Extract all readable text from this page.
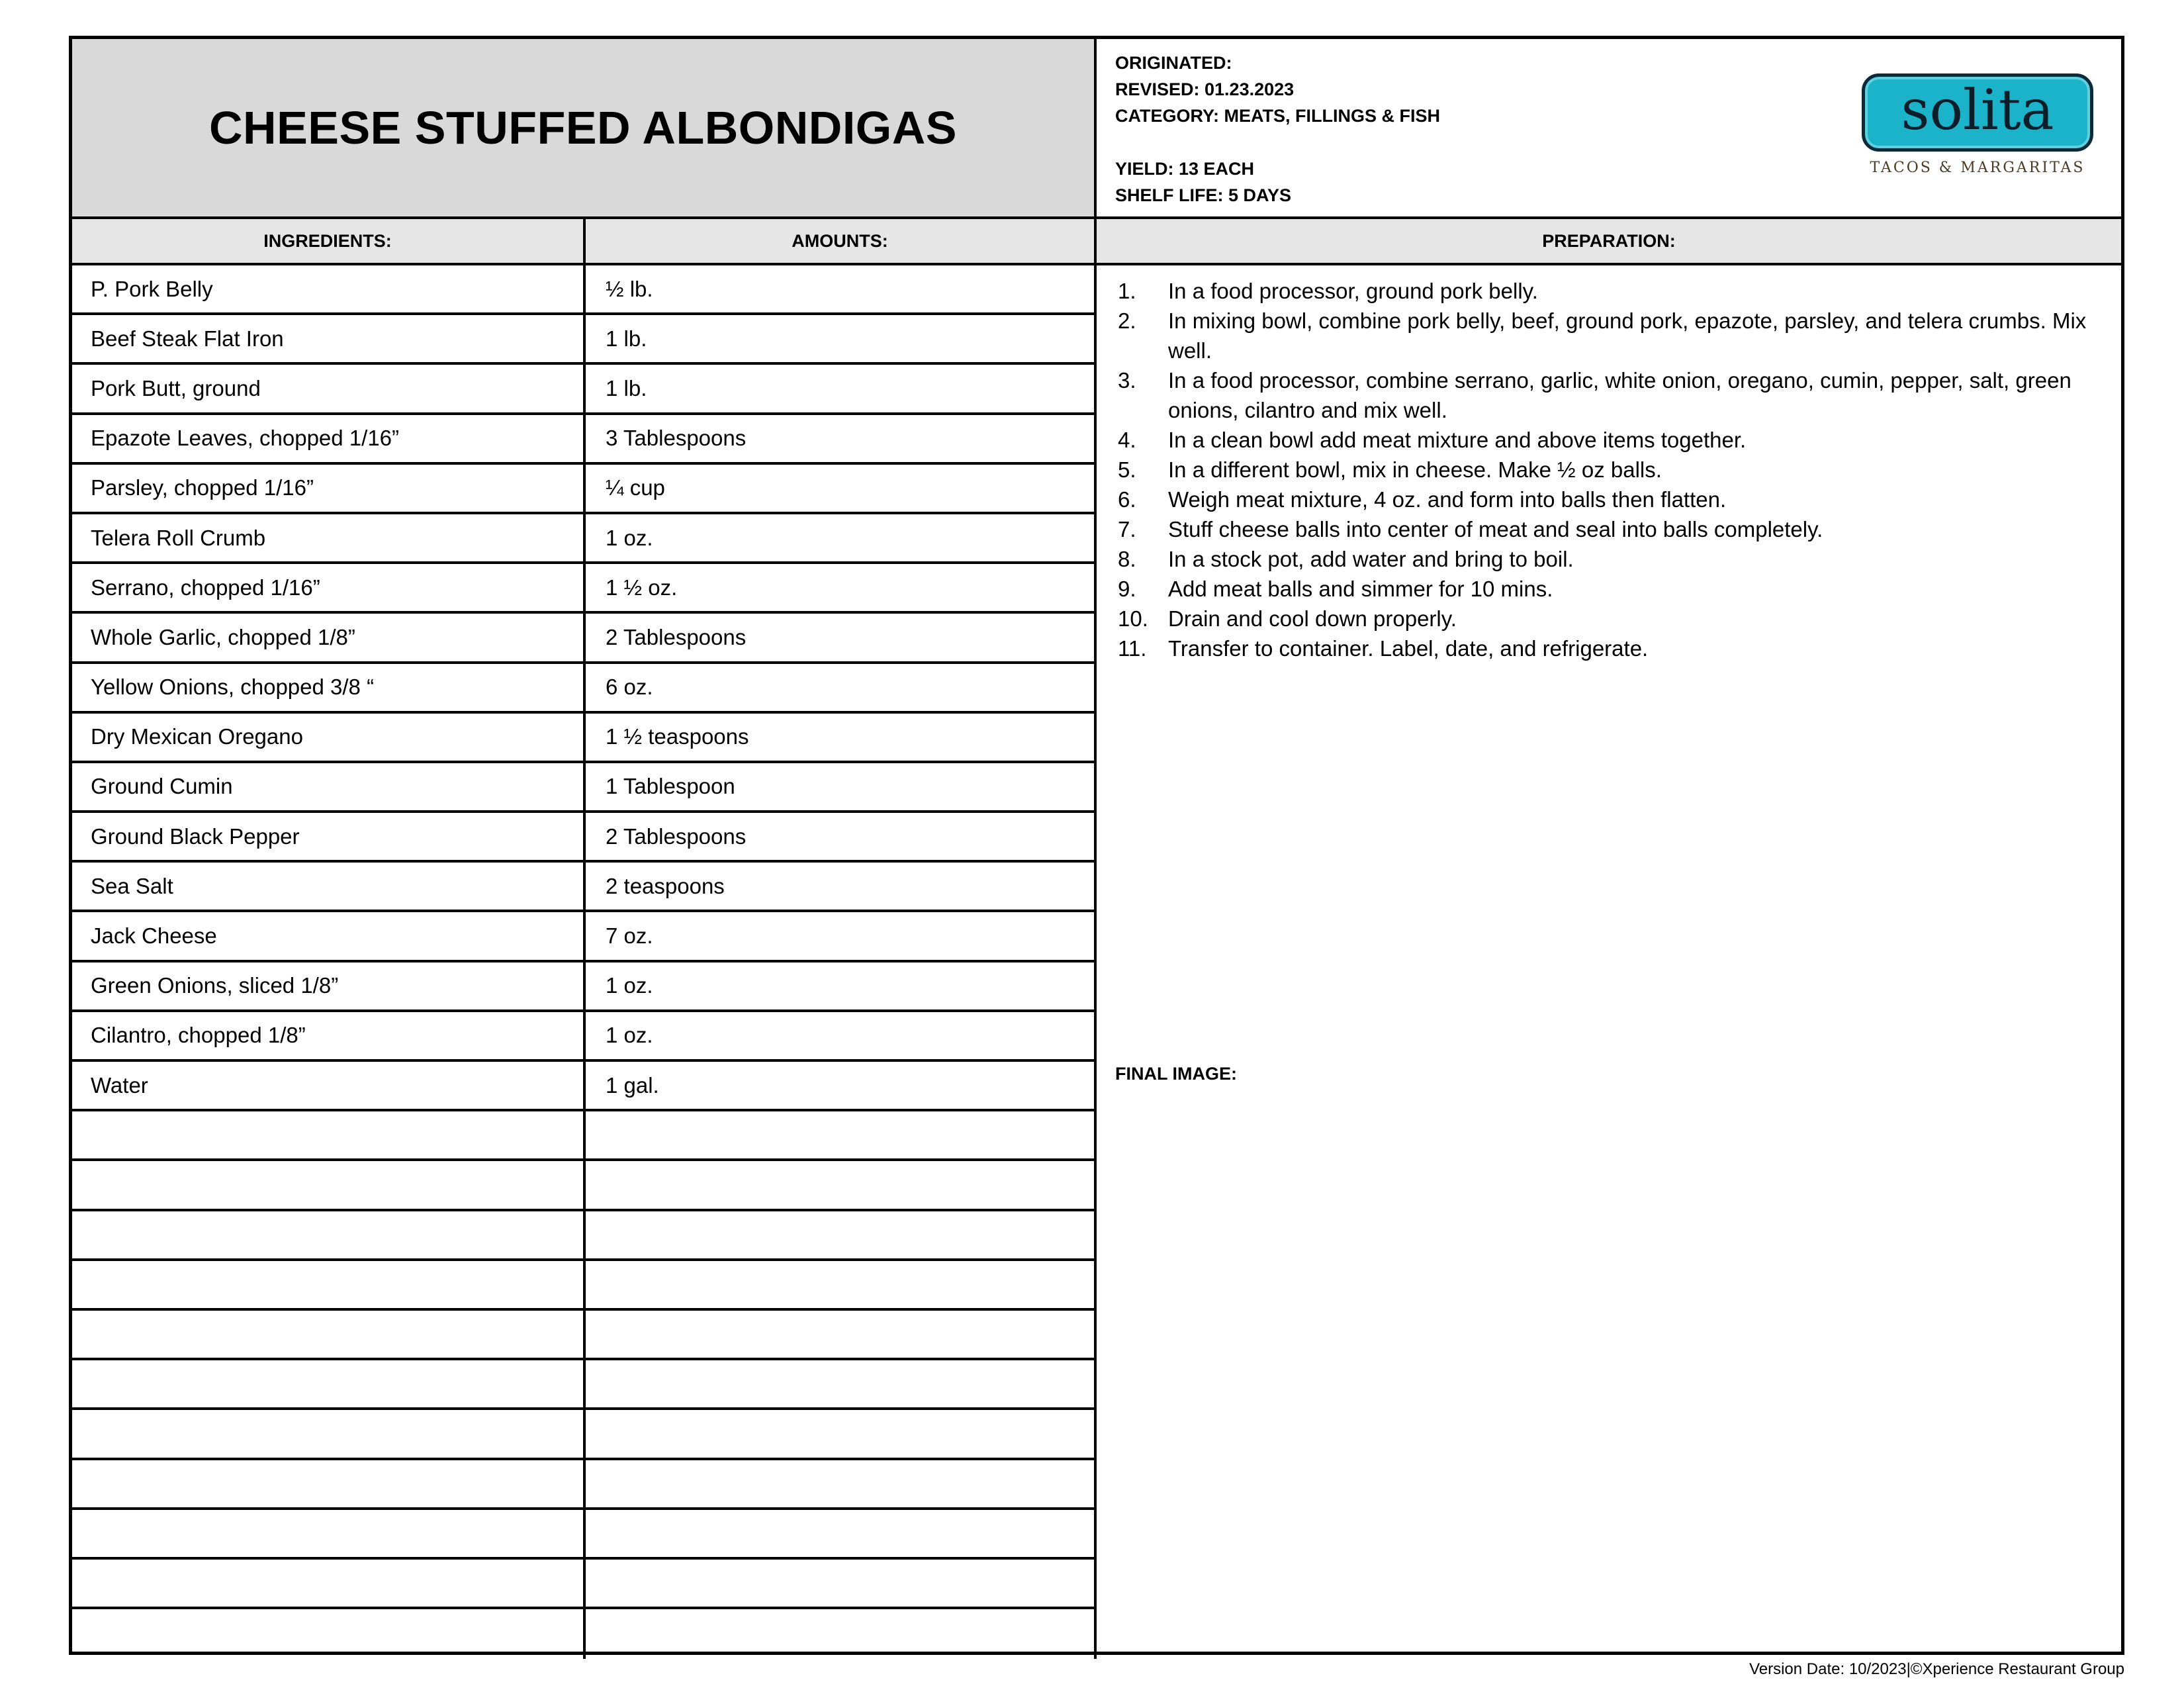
CHEESE STUFFED ALBONDIGAS
ORIGINATED:
REVISED: 01.23.2023
CATEGORY: MEATS, FILLINGS & FISH
YIELD: 13 EACH
SHELF LIFE: 5 DAYS
solita
TACOS & MARGARITAS
INGREDIENTS:	AMOUNTS:	PREPARATION:
P. Pork Belly	½ lb.
Beef Steak Flat Iron	1 lb.
Pork Butt, ground	1 lb.
Epazote Leaves, chopped 1/16”	3 Tablespoons
Parsley, chopped 1/16”	¼ cup
Telera Roll Crumb	1 oz.
Serrano, chopped 1/16”	1 ½ oz.
Whole Garlic, chopped 1/8”	2 Tablespoons
Yellow Onions, chopped 3/8 “	6 oz.
Dry Mexican Oregano	1 ½ teaspoons
Ground Cumin	1 Tablespoon
Ground Black Pepper	2 Tablespoons
Sea Salt	2 teaspoons
Jack Cheese	7 oz.
Green Onions, sliced 1/8”	1 oz.
Cilantro, chopped 1/8”	1 oz.
Water	1 gal.
1.	In a food processor, ground pork belly.
2.	In mixing bowl, combine pork belly, beef, ground pork, epazote, parsley, and telera crumbs. Mix well.
3.	In a food processor, combine serrano, garlic, white onion, oregano, cumin, pepper, salt, green onions, cilantro and mix well.
4.	In a clean bowl add meat mixture and above items together.
5.	In a different bowl, mix in cheese. Make ½ oz balls.
6.	Weigh meat mixture, 4 oz. and form into balls then flatten.
7.	Stuff cheese balls into center of meat and seal into balls completely.
8.	In a stock pot, add water and bring to boil.
9.	Add meat balls and simmer for 10 mins.
10. Drain and cool down properly.
11. Transfer to container. Label, date, and refrigerate.
FINAL IMAGE:
Version Date: 10/2023|©Xperience Restaurant Group
